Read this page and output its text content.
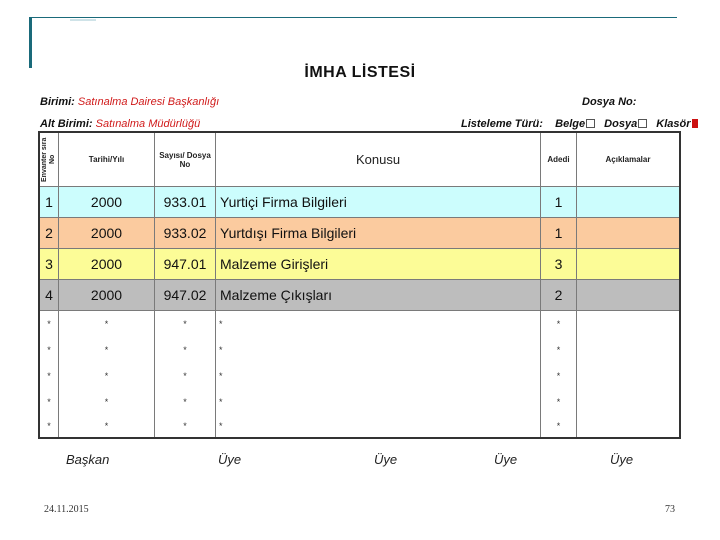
İMHA LİSTESİ
Birimi: Satınalma Dairesi Başkanlığı
Alt Birimi: Satınalma Müdürlüğü
Dosya No:
Listeleme Türü: Belge Dosya Klasör
Envanter sıra No	Tarihi/Yılı	Sayısı/ Dosya No	Konusu	Adedi	Açıklamalar
1	2000	933.01 Yurtiçi Firma Bilgileri	1
2	2000	933.02 Yurtdışı Firma Bilgileri	1
3	2000	947.01 Malzeme Girişleri	3
4	2000	947.02 Malzeme Çıkışları	2
*	*	*	*	*
*	*	*	*	*
*	*	*	*	*
*	*	*	*	*
*	*	*	*	*
Başkan	Üye	Üye	Üye	Üye
24.11.2015	73
